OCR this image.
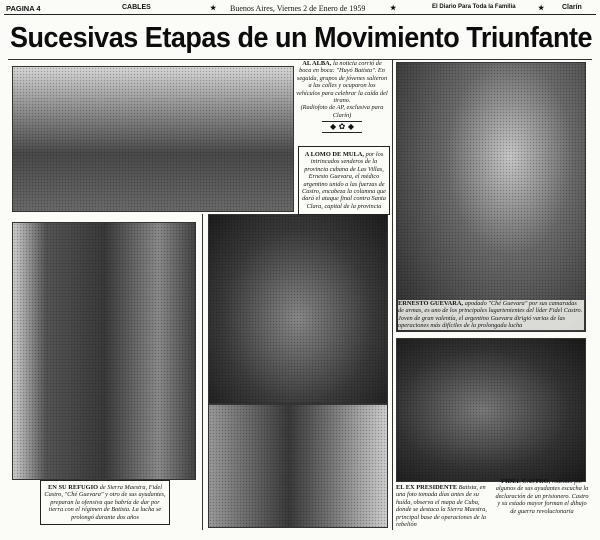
PAGINA 4	CABLES	★ Buenos Aires, Viernes 2 de Enero de 1959	★	El Diario Para Toda la Familia	★	Clarín
Sucesivas Etapas de un Movimiento Triunfante
AL ALBA, la noticia corrió de boca en boca: "Huyó Batista". En seguida, grupos de jóvenes salieron a las calles y ocuparon los vehículos para celebrar la caída del tirano.
(Radiofoto de AP, exclusiva para Clarín)
◆ ✿ ◆
A LOMO DE MULA, por los intrincados senderos de la provincia cubana de Las Villas, Ernesto Guevara, el médico argentino unido a las fuerzas de Castro, encabeza la columna que dará el ataque final contra Santa Clara, capital de la provincia
ERNESTO GUEVARA, apodado "Ché Guevara" por sus camaradas de armas, es uno de los principales lugartenientes del líder Fidel Castro. Joven de gran valentía, el argentino Guevara dirigió varias de las operaciones más difíciles de la prolongada lucha
EN SU REFUGIO de Sierra Maestra, Fidel Castro, "Ché Guevara" y otro de sus ayudantes, preparan la ofensiva que habría de dar por tierra con el régimen de Batista. La lucha se prolongó durante dos años
EL EX PRESIDENTE Batista, en una foto tomada días antes de su huída, observa el mapa de Cuba, donde se destaca la Sierra Maestra, principal base de operaciones de la rebelión
FIDEL CASTRO, rodeado por algunos de sus ayudantes escucha la declaración de un prisionero. Castro y su estado mayor forman el dibujo de guerra revolucionaria
